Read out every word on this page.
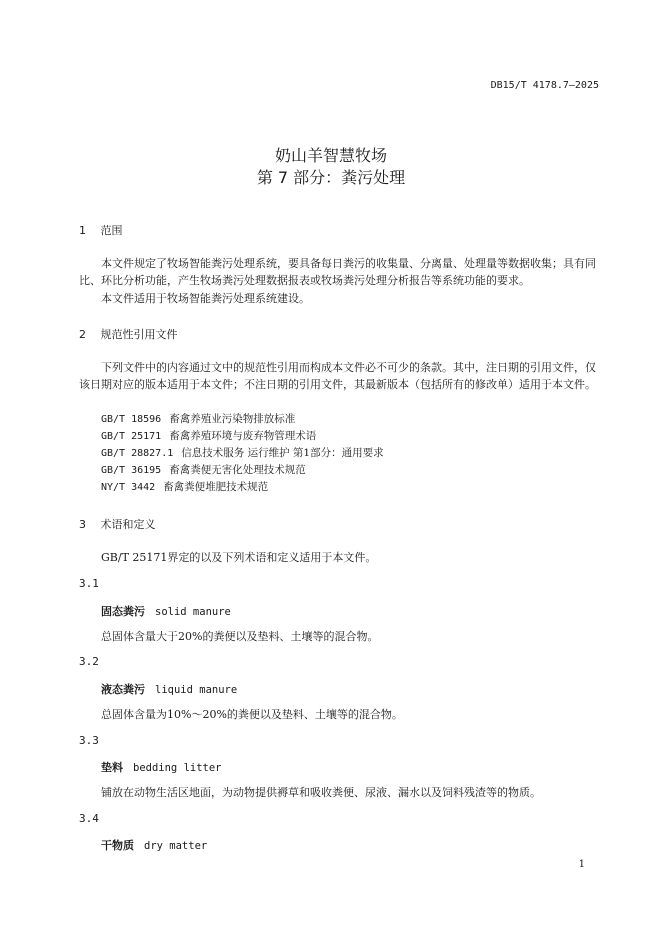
DB15/T 4178.7—2025
奶山羊智慧牧场
第 7 部分：粪污处理
1 范围
本文件规定了牧场智能粪污处理系统，要具备每日粪污的收集量、分离量、处理量等数据收集；具有同比、环比分析功能，产生牧场粪污处理数据报表或牧场粪污处理分析报告等系统功能的要求。
本文件适用于牧场智能粪污处理系统建设。
2 规范性引用文件
下列文件中的内容通过文中的规范性引用而构成本文件必不可少的条款。其中，注日期的引用文件，仅该日期对应的版本适用于本文件；不注日期的引用文件，其最新版本（包括所有的修改单）适用于本文件。
GB/T 18596 畜禽养殖业污染物排放标准
GB/T 25171 畜禽养殖环境与废弃物管理术语
GB/T 28827.1 信息技术服务 运行维护 第1部分：通用要求
GB/T 36195 畜禽粪便无害化处理技术规范
NY/T 3442 畜禽粪便堆肥技术规范
3 术语和定义
GB/T 25171界定的以及下列术语和定义适用于本文件。
3.1
固态粪污 solid manure
总固体含量大于20%的粪便以及垫料、土壤等的混合物。
3.2
液态粪污 liquid manure
总固体含量为10%～20%的粪便以及垫料、土壤等的混合物。
3.3
垫料 bedding litter
铺放在动物生活区地面，为动物提供褥草和吸收粪便、尿液、漏水以及饲料残渣等的物质。
3.4
干物质 dry matter
1
